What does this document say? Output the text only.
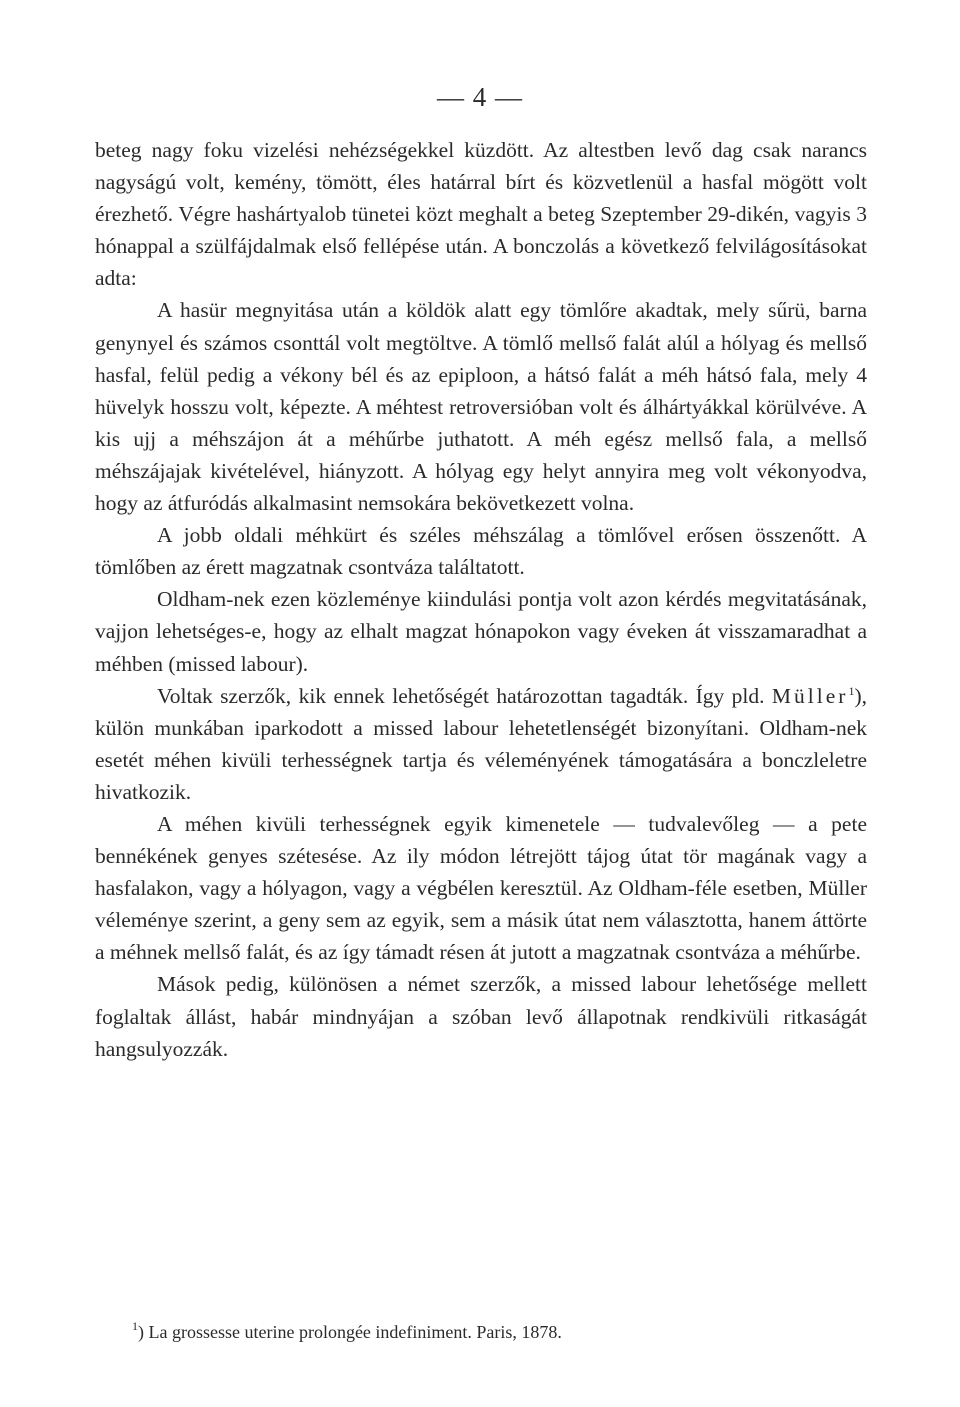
— 4 —

beteg nagy foku vizelési nehézségekkel küzdött. Az altestben levő dag csak narancs nagyságú volt, kemény, tömött, éles határral bírt és közvetlenül a hasfal mögött volt érezhető. Végre hashártyalob tünetei közt meghalt a beteg Szeptember 29-dikén, vagyis 3 hónappal a szülfájdalmak első fellépése után. A bonczolás a következő felvilágosításokat adta:

A hasür megnyitása után a köldök alatt egy tömlőre akadtak, mely sűrü, barna genynyel és számos csonttál volt megtöltve. A tömlő mellső falát alúl a hólyag és mellső hasfal, felül pedig a vékony bél és az epiploon, a hátsó falát a méh hátsó fala, mely 4 hüvelyk hosszu volt, képezte. A méhtest retroversióban volt és álhártyákkal körülvéve. A kis ujj a méhszájon át a méhűrbe juthatott. A méh egész mellső fala, a mellső méhszájajak kivételével, hiányzott. A hólyag egy helyt annyira meg volt vékonyodva, hogy az átfuródás alkalmasint nemsokára bekövetkezett volna.

A jobb oldali méhkürt és széles méhszálag a tömlővel erősen összenőtt. A tömlőben az érett magzatnak csontváza találtatott.

Oldham-nek ezen közleménye kiindulási pontja volt azon kérdés megvitatásának, vajjon lehetséges-e, hogy az elhalt magzat hónapokon vagy éveken át visszamaradhat a méhben (missed labour).

Voltak szerzők, kik ennek lehetőségét határozottan tagadták. Így pld. Müller$^1$), külön munkában iparkodott a missed labour lehetetlenségét bizonyítani. Oldham-nek esetét méhen kivüli terhességnek tartja és véleményének támogatására a bonczleletre hivatkozik.

A méhen kivüli terhességnek egyik kimenetele — tudvalevőleg — a pete bennékének genyes szétesése. Az ily módon létrejött tájog útat tör magának vagy a hasfalakon, vagy a hólyagon, vagy a végbélen keresztül. Az Oldham-féle esetben, Müller véleménye szerint, a geny sem az egyik, sem a másik útat nem választotta, hanem áttörte a méhnek mellső falát, és az így támadt résen át jutott a magzatnak csontváza a méhűrbe.

Mások pedig, különösen a német szerzők, a missed labour lehetősége mellett foglaltak állást, habár mindnyájan a szóban levő állapotnak rendkivüli ritkaságát hangsulyozzák.

$^1$) La grossesse uterine prolongée indefiniment. Paris, 1878.
